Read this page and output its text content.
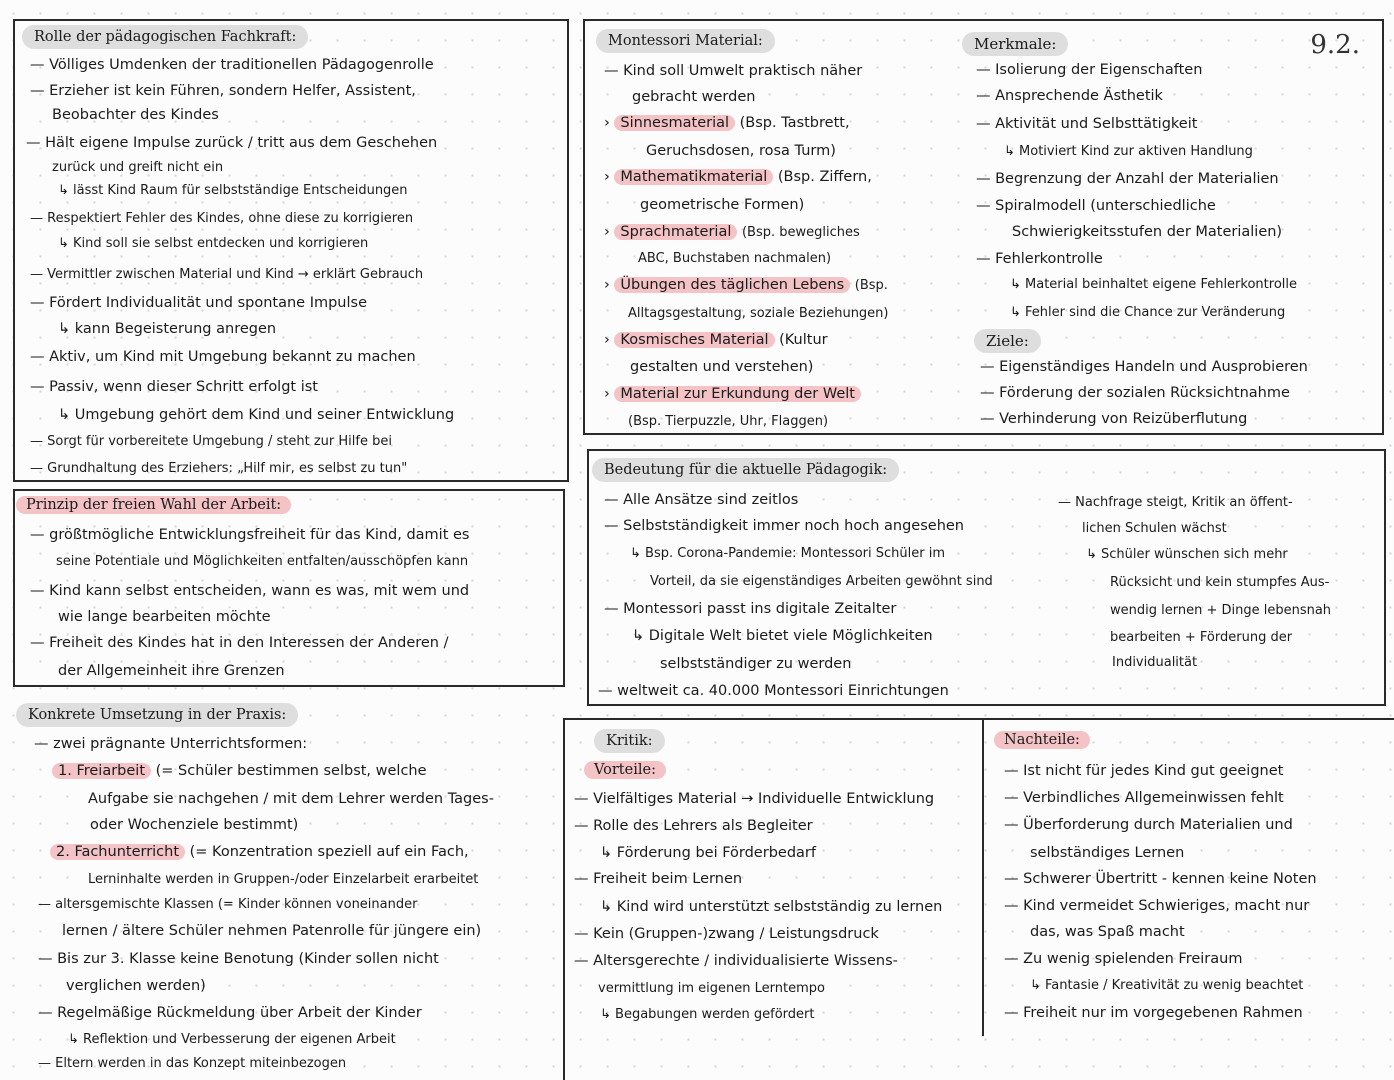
9.2.
Rolle der pädagogischen Fachkraft:
— Völliges Umdenken der traditionellen Pädagogenrolle
— Erzieher ist kein Führen, sondern Helfer, Assistent,
Beobachter des Kindes
— Hält eigene Impulse zurück / tritt aus dem Geschehen
zurück und greift nicht ein
↳ lässt Kind Raum für selbstständige Entscheidungen
— Respektiert Fehler des Kindes, ohne diese zu korrigieren
↳ Kind soll sie selbst entdecken und korrigieren
— Vermittler zwischen Material und Kind → erklärt Gebrauch
— Fördert Individualität und spontane Impulse
↳ kann Begeisterung anregen
— Aktiv, um Kind mit Umgebung bekannt zu machen
— Passiv, wenn dieser Schritt erfolgt ist
↳ Umgebung gehört dem Kind und seiner Entwicklung
— Sorgt für vorbereitete Umgebung / steht zur Hilfe bei
— Grundhaltung des Erziehers: „Hilf mir, es selbst zu tun"
Prinzip der freien Wahl der Arbeit:
— größtmögliche Entwicklungsfreiheit für das Kind, damit es
seine Potentiale und Möglichkeiten entfalten/ausschöpfen kann
— Kind kann selbst entscheiden, wann es was, mit wem und
wie lange bearbeiten möchte
— Freiheit des Kindes hat in den Interessen der Anderen /
der Allgemeinheit ihre Grenzen
Konkrete Umsetzung in der Praxis:
— zwei prägnante Unterrichtsformen:
1. Freiarbeit (= Schüler bestimmen selbst, welche
Aufgabe sie nachgehen / mit dem Lehrer werden Tages-
oder Wochenziele bestimmt)
2. Fachunterricht (= Konzentration speziell auf ein Fach,
Lerninhalte werden in Gruppen-/oder Einzelarbeit erarbeitet
— altersgemischte Klassen (= Kinder können voneinander
lernen / ältere Schüler nehmen Patenrolle für jüngere ein)
— Bis zur 3. Klasse keine Benotung (Kinder sollen nicht
verglichen werden)
— Regelmäßige Rückmeldung über Arbeit der Kinder
↳ Reflektion und Verbesserung der eigenen Arbeit
— Eltern werden in das Konzept miteinbezogen
Montessori Material:
— Kind soll Umwelt praktisch näher
gebracht werden
› Sinnesmaterial (Bsp. Tastbrett,
Geruchsdosen, rosa Turm)
› Mathematikmaterial (Bsp. Ziffern,
geometrische Formen)
› Sprachmaterial (Bsp. bewegliches
ABC, Buchstaben nachmalen)
› Übungen des täglichen Lebens (Bsp.
Alltagsgestaltung, soziale Beziehungen)
› Kosmisches Material (Kultur
gestalten und verstehen)
› Material zur Erkundung der Welt
(Bsp. Tierpuzzle, Uhr, Flaggen)
Merkmale:
— Isolierung der Eigenschaften
— Ansprechende Ästhetik
— Aktivität und Selbsttätigkeit
↳ Motiviert Kind zur aktiven Handlung
— Begrenzung der Anzahl der Materialien
— Spiralmodell (unterschiedliche
Schwierigkeitsstufen der Materialien)
— Fehlerkontrolle
↳ Material beinhaltet eigene Fehlerkontrolle
↳ Fehler sind die Chance zur Veränderung
Ziele:
— Eigenständiges Handeln und Ausprobieren
— Förderung der sozialen Rücksichtnahme
— Verhinderung von Reizüberflutung
Bedeutung für die aktuelle Pädagogik:
— Alle Ansätze sind zeitlos
— Selbstständigkeit immer noch hoch angesehen
↳ Bsp. Corona-Pandemie: Montessori Schüler im
Vorteil, da sie eigenständiges Arbeiten gewöhnt sind
— Montessori passt ins digitale Zeitalter
↳ Digitale Welt bietet viele Möglichkeiten
selbstständiger zu werden
— weltweit ca. 40.000 Montessori Einrichtungen
— Nachfrage steigt, Kritik an öffent-
lichen Schulen wächst
↳ Schüler wünschen sich mehr
Rücksicht und kein stumpfes Aus-
wendig lernen + Dinge lebensnah
bearbeiten + Förderung der
Individualität
Kritik:
Vorteile:
— Vielfältiges Material → Individuelle Entwicklung
— Rolle des Lehrers als Begleiter
↳ Förderung bei Förderbedarf
— Freiheit beim Lernen
↳ Kind wird unterstützt selbstständig zu lernen
— Kein (Gruppen-)zwang / Leistungsdruck
— Altersgerechte / individualisierte Wissens-
vermittlung im eigenen Lerntempo
↳ Begabungen werden gefördert
Nachteile:
— Ist nicht für jedes Kind gut geeignet
— Verbindliches Allgemeinwissen fehlt
— Überforderung durch Materialien und
selbständiges Lernen
— Schwerer Übertritt - kennen keine Noten
— Kind vermeidet Schwieriges, macht nur
das, was Spaß macht
— Zu wenig spielenden Freiraum
↳ Fantasie / Kreativität zu wenig beachtet
— Freiheit nur im vorgegebenen Rahmen
